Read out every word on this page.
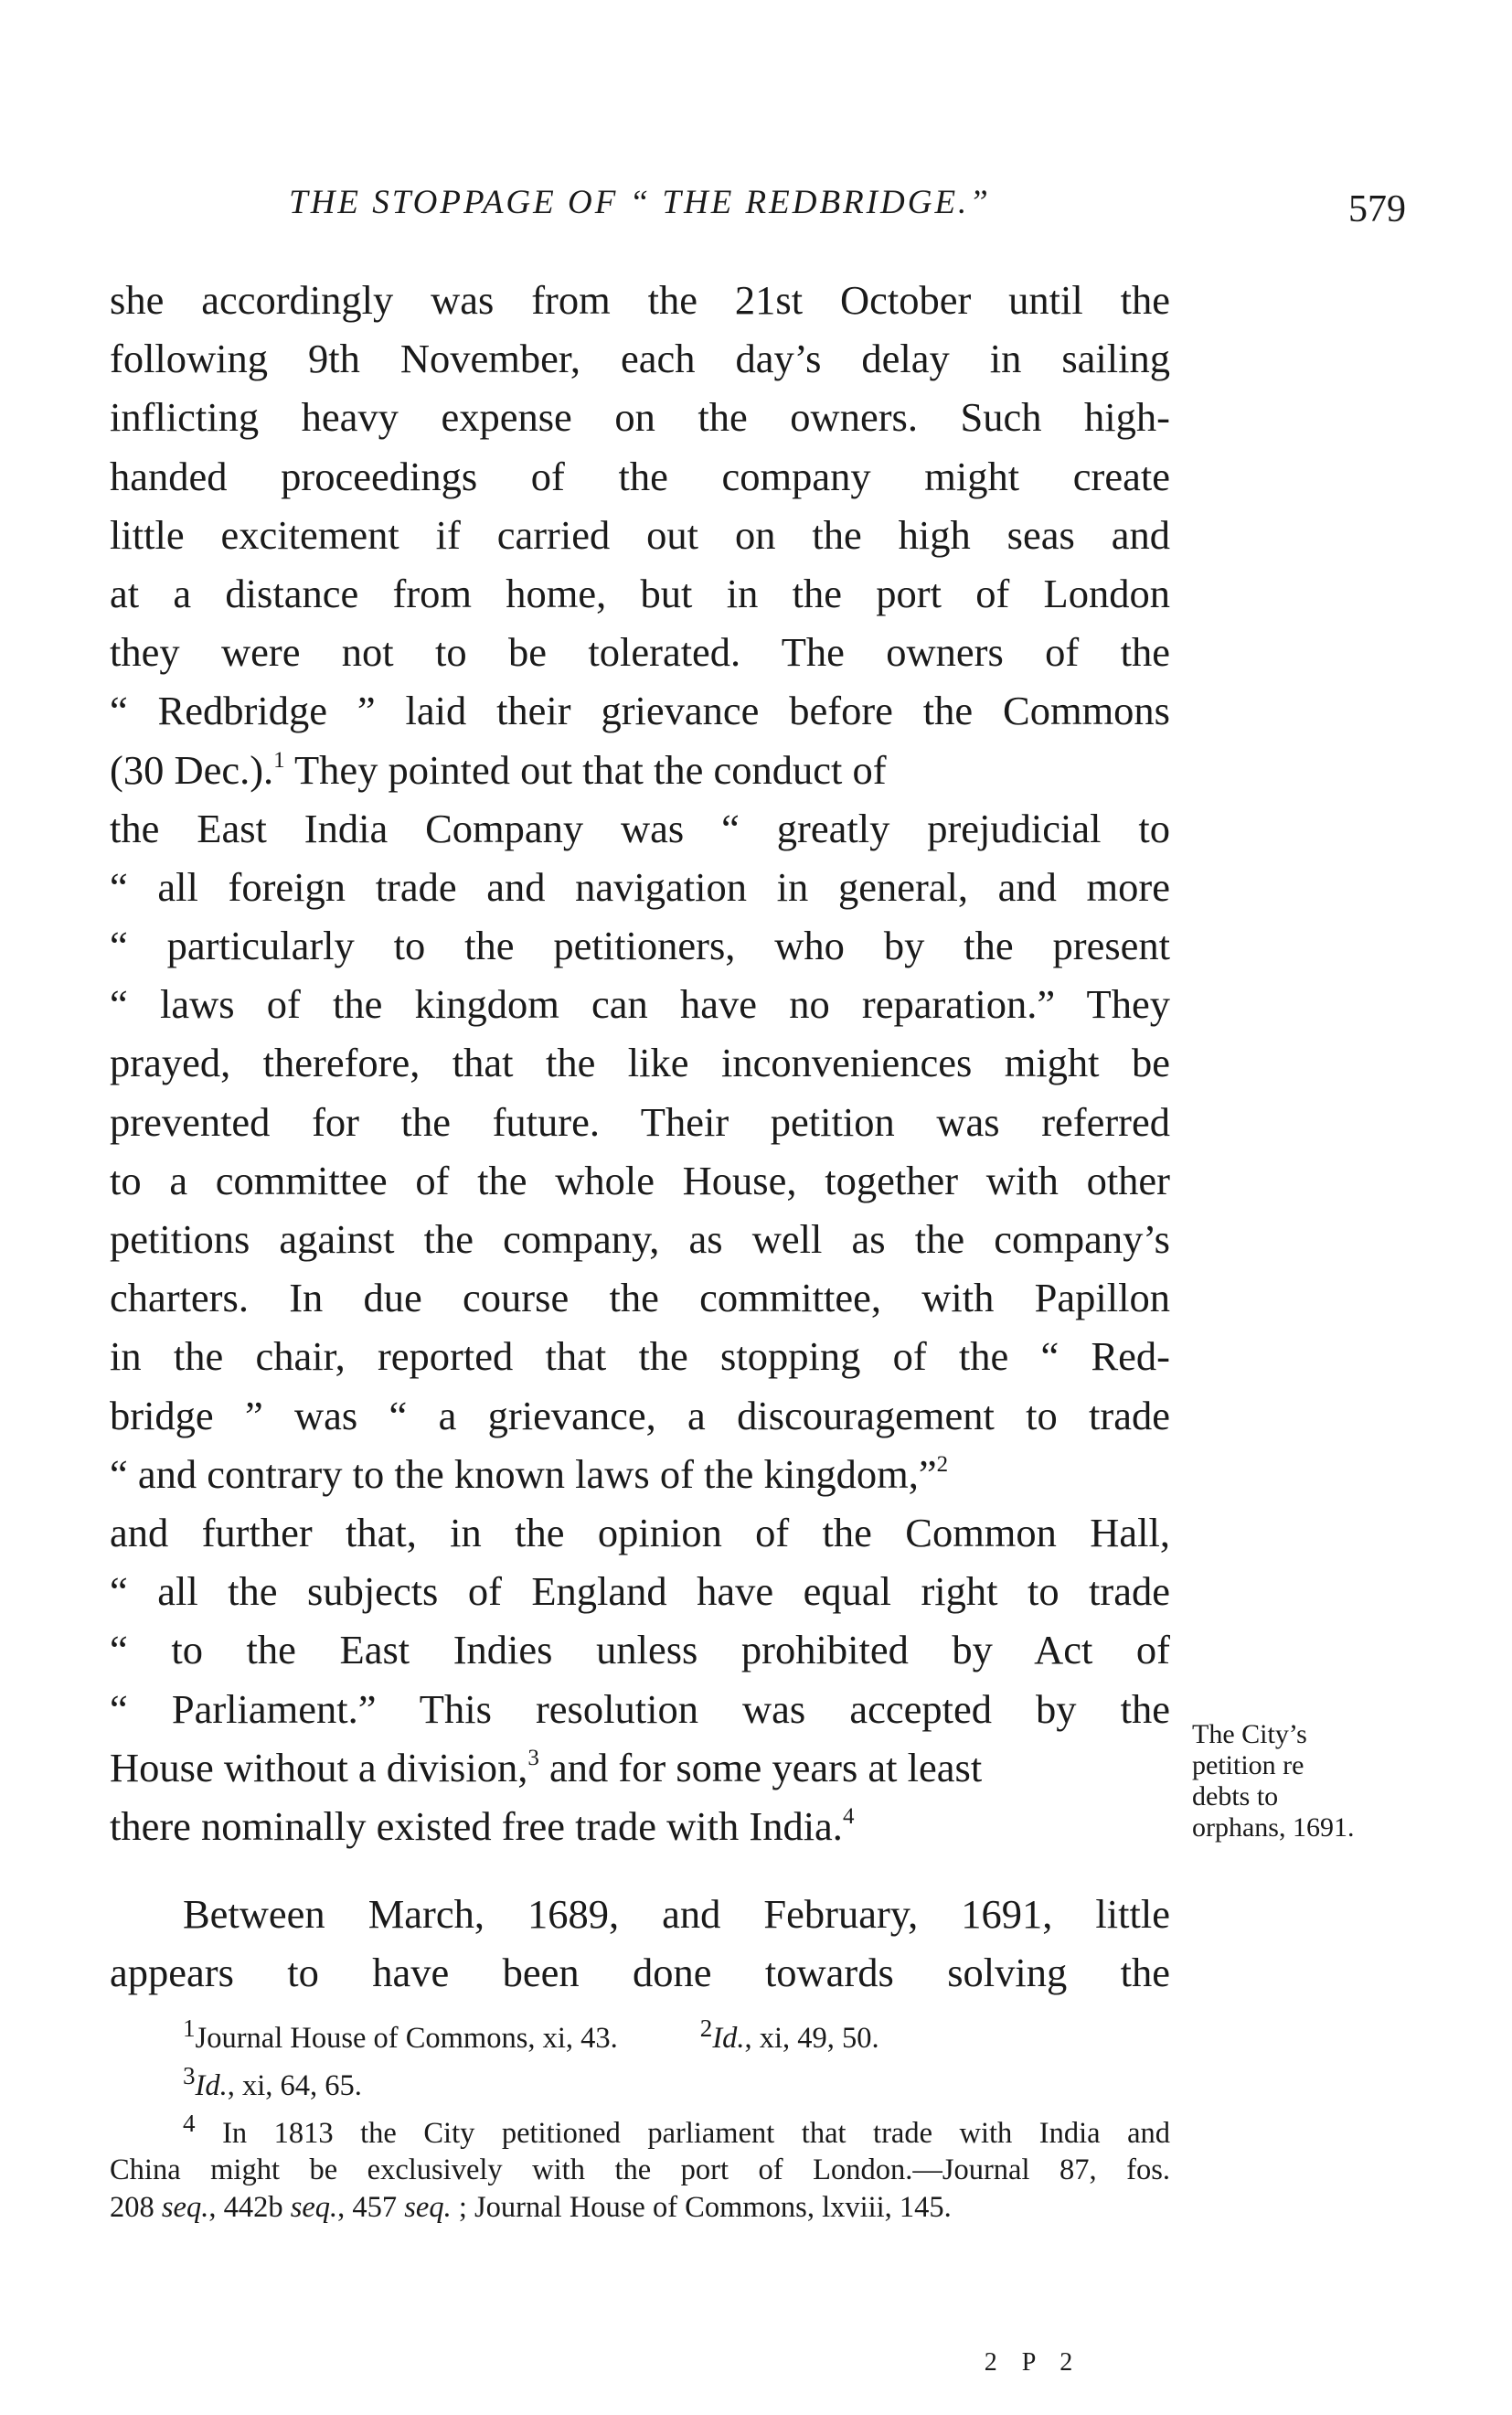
THE STOPPAGE OF “ THE REDBRIDGE.”	579
she accordingly was from the 21st October until the
following 9th November, each day’s delay in sailing
inflicting heavy expense on the owners. Such high-
handed proceedings of the company might create
little excitement if carried out on the high seas and
at a distance from home, but in the port of London
they were not to be tolerated. The owners of the
“ Redbridge ” laid their grievance before the Commons
(30 Dec.).$^1$ They pointed out that the conduct of
the East India Company was “ greatly prejudicial to
“ all foreign trade and navigation in general, and more
“ particularly to the petitioners, who by the present
“ laws of the kingdom can have no reparation.” They
prayed, therefore, that the like inconveniences might be
prevented for the future. Their petition was referred
to a committee of the whole House, together with other
petitions against the company, as well as the company’s
charters. In due course the committee, with Papillon
in the chair, reported that the stopping of the “ Red-
bridge ” was “ a grievance, a discouragement to trade
“ and contrary to the known laws of the kingdom,”$^2$
and further that, in the opinion of the Common Hall,
“ all the subjects of England have equal right to trade
“ to the East Indies unless prohibited by Act of
“ Parliament.” This resolution was accepted by the
House without a division,$^3$ and for some years at least
there nominally existed free trade with India.$^4$
Between March, 1689, and February, 1691, little
appears to have been done towards solving the
The City’s
petition re
debts to
orphans, 1691.
$^1$Journal House of Commons, xi, 43.	$^2$Id., xi, 49, 50.
$^3$Id., xi, 64, 65.
$^4$ In 1813 the City petitioned parliament that trade with India and
China might be exclusively with the port of London.—Journal 87, fos.
208 seq., 442b seq., 457 seq. ; Journal House of Commons, lxviii, 145.
2 P 2
